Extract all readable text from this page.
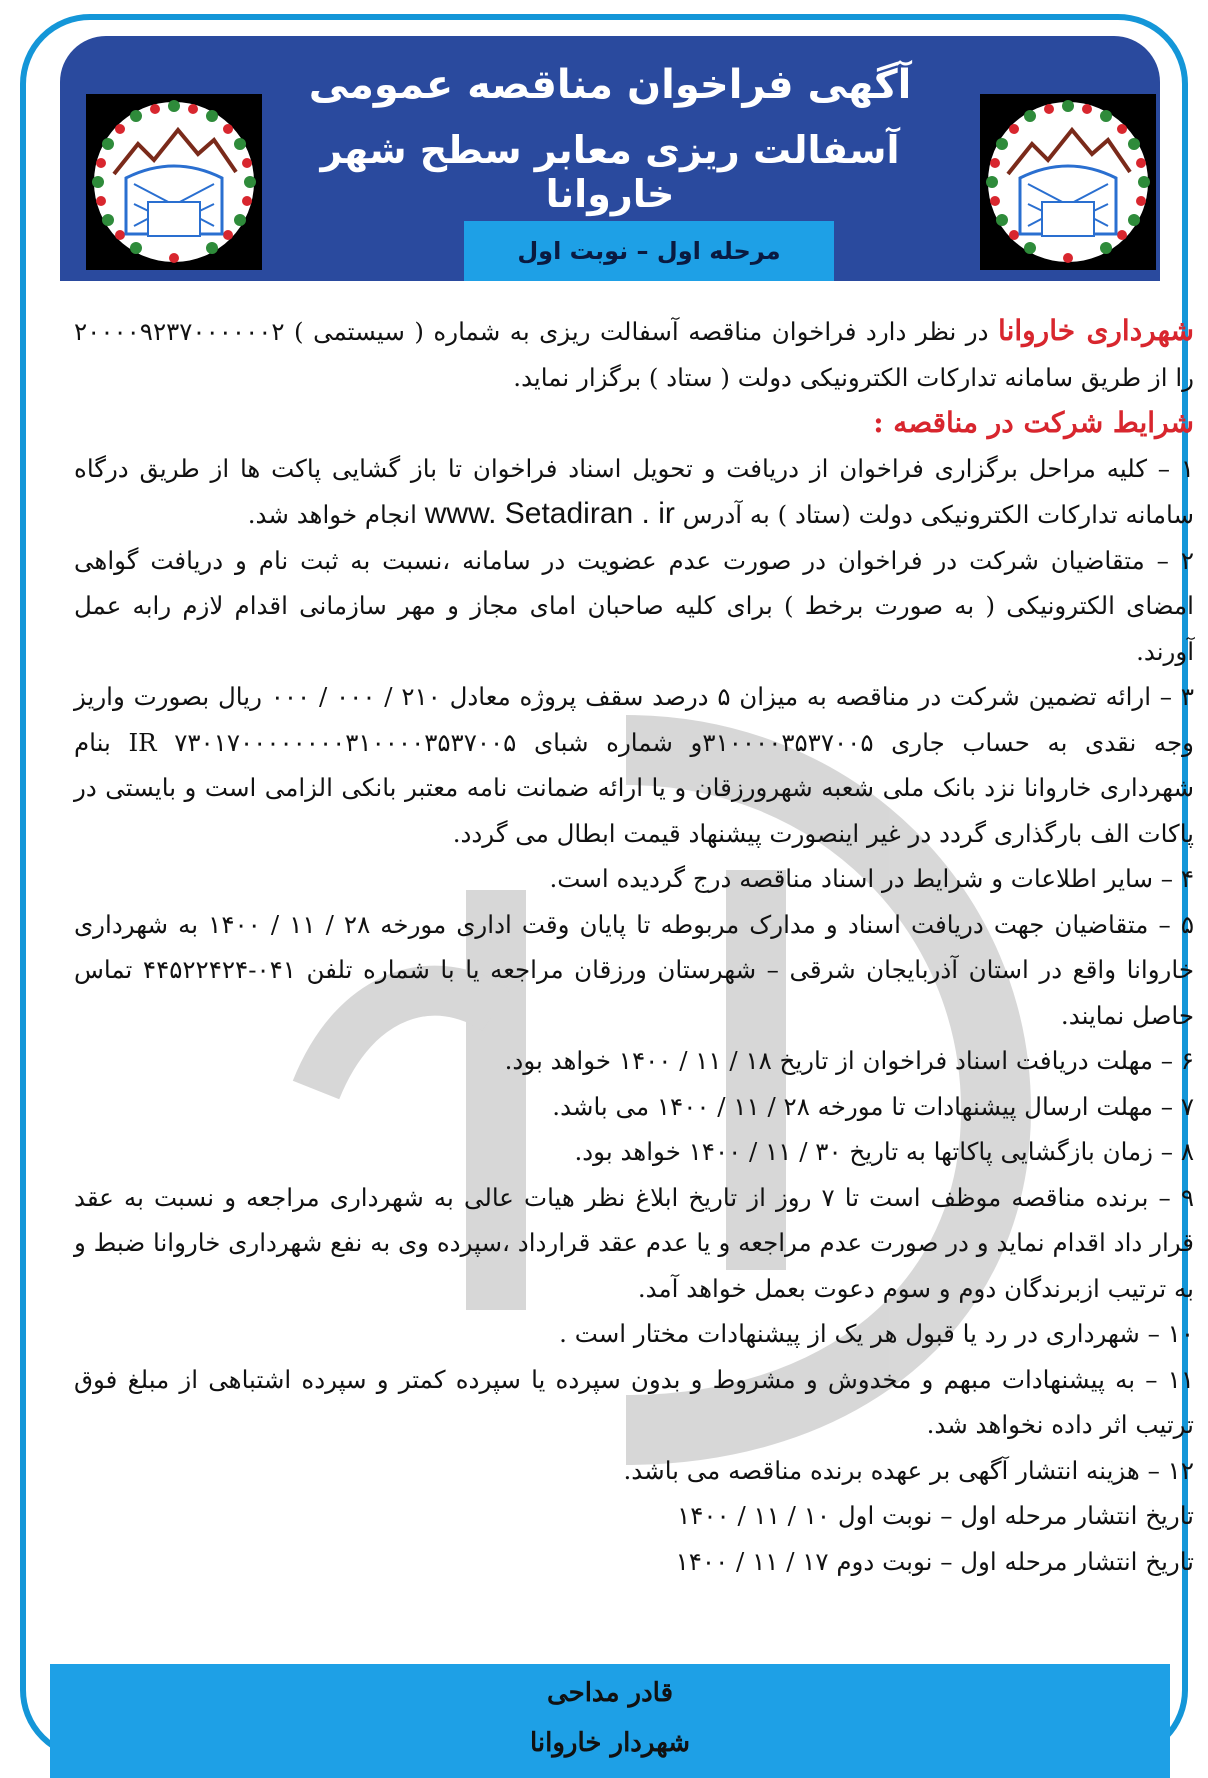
آگهی فراخوان مناقصه عمومی
آسفالت ریزی معابر سطح شهر خاروانا
مرحله اول – نوبت اول

شهرداری خاروانا در نظر دارد فراخوان مناقصه آسفالت ریزی به شماره ( سیستمی ) ۲۰۰۰۰۹۲۳۷۰۰۰۰۰۰۲ را از طریق سامانه تدارکات الکترونیکی دولت ( ستاد ) برگزار نماید.

شرایط شرکت در مناقصه :

۱ – کلیه مراحل برگزاری فراخوان از دریافت و تحویل اسناد فراخوان تا باز گشایی پاکت ها از طریق درگاه سامانه تدارکات الکترونیکی دولت (ستاد ) به آدرس www. Setadiran . ir انجام خواهد شد.

۲ – متقاضیان شرکت در فراخوان در صورت عدم عضویت در سامانه ،نسبت به ثبت نام و دریافت گواهی امضای الکترونیکی ( به صورت برخط ) برای کلیه صاحبان امای مجاز و مهر سازمانی اقدام لازم رابه عمل آورند.

۳ – ارائه تضمین شرکت در مناقصه به میزان ۵ درصد سقف پروژه معادل ۲۱۰ / ۰۰۰ / ۰۰۰ ریال بصورت واریز وجه نقدی به حساب جاری ۳۱۰۰۰۰۳۵۳۷۰۰۵و شماره شبای IR ۷۳۰۱۷۰۰۰۰۰۰۰۰۳۱۰۰۰۰۳۵۳۷۰۰۵ بنام شهرداری خاروانا نزد بانک ملی شعبه شهرورزقان و یا ارائه ضمانت نامه معتبر بانکی الزامی است و بایستی در پاکات الف بارگذاری گردد در غیر اینصورت پیشنهاد قیمت ابطال می گردد.

۴ – سایر اطلاعات و شرایط در اسناد مناقصه درج گردیده است.

۵ – متقاضیان جهت دریافت اسناد و مدارک مربوطه تا پایان وقت اداری مورخه ۲۸ / ۱۱ / ۱۴۰۰ به شهرداری خاروانا واقع در استان آذربایجان شرقی – شهرستان ورزقان مراجعه یا با شماره تلفن ۰۴۱-۴۴۵۲۲۴۲۴ تماس حاصل نمایند.

۶ – مهلت دریافت اسناد فراخوان از تاریخ ۱۸ / ۱۱ / ۱۴۰۰ خواهد بود.

۷ – مهلت ارسال پیشنهادات تا مورخه ۲۸ / ۱۱ / ۱۴۰۰ می باشد.

۸ – زمان بازگشایی پاکاتها به تاریخ ۳۰ / ۱۱ / ۱۴۰۰ خواهد بود.

۹ – برنده مناقصه موظف است تا ۷ روز از تاریخ ابلاغ نظر هیات عالی به شهرداری مراجعه و نسبت به عقد قرار داد اقدام نماید و در صورت عدم مراجعه و یا عدم عقد قرارداد ،سپرده وی به نفع شهرداری خاروانا ضبط و به ترتیب ازبرندگان دوم و سوم دعوت بعمل خواهد آمد.

۱۰ – شهرداری در رد یا قبول هر یک از پیشنهادات مختار است .

۱۱ – به پیشنهادات مبهم و مخدوش و مشروط و بدون سپرده یا سپرده کمتر و سپرده اشتباهی از مبلغ فوق ترتیب اثر داده نخواهد شد.

۱۲ – هزینه انتشار آگهی بر عهده برنده مناقصه می باشد.

تاریخ انتشار مرحله اول – نوبت اول ۱۰ / ۱۱ / ۱۴۰۰

تاریخ انتشار مرحله اول – نوبت دوم ۱۷ / ۱۱ / ۱۴۰۰

قادر مداحی
شهردار خاروانا
